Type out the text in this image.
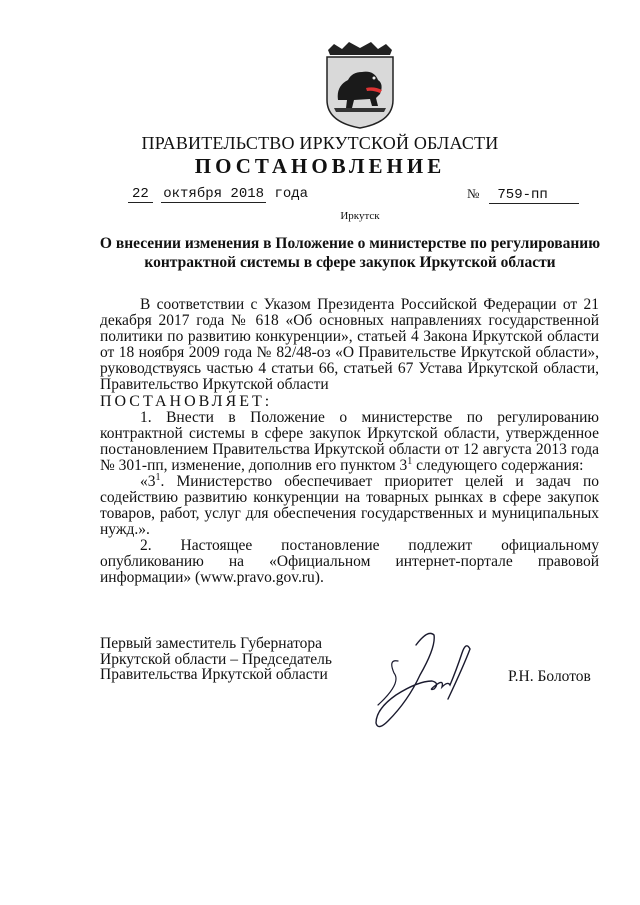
ПРАВИТЕЛЬСТВО ИРКУТСКОЙ ОБЛАСТИ
ПОСТАНОВЛЕНИЕ
22 октября 2018 года	№ 759-пп
Иркутск
О внесении изменения в Положение о министерстве по регулированию
контрактной системы в сфере закупок Иркутской области

В соответствии с Указом Президента Российской Федерации от 21 декабря 2017 года № 618 «Об основных направлениях государственной политики по развитию конкуренции», статьей 4 Закона Иркутской области от 18 ноября 2009 года № 82/48-оз «О Правительстве Иркутской области», руководствуясь частью 4 статьи 66, статьей 67 Устава Иркутской области, Правительство Иркутской области

ПОСТАНОВЛЯЕТ:

1. Внести в Положение о министерстве по регулированию контрактной системы в сфере закупок Иркутской области, утвержденное постановлением Правительства Иркутской области от 12 августа 2013 года № 301-пп, изменение, дополнив его пунктом $3^1$ следующего содержания:

«$3^1$. Министерство обеспечивает приоритет целей и задач по содействию развитию конкуренции на товарных рынках в сфере закупок товаров, работ, услуг для обеспечения государственных и муниципальных нужд.».

2. Настоящее постановление подлежит официальному опубликованию на «Официальном интернет-портале правовой информации» (www.pravo.gov.ru).

Первый заместитель Губернатора
Иркутской области – Председатель
Правительства Иркутской области	Р.Н. Болотов
